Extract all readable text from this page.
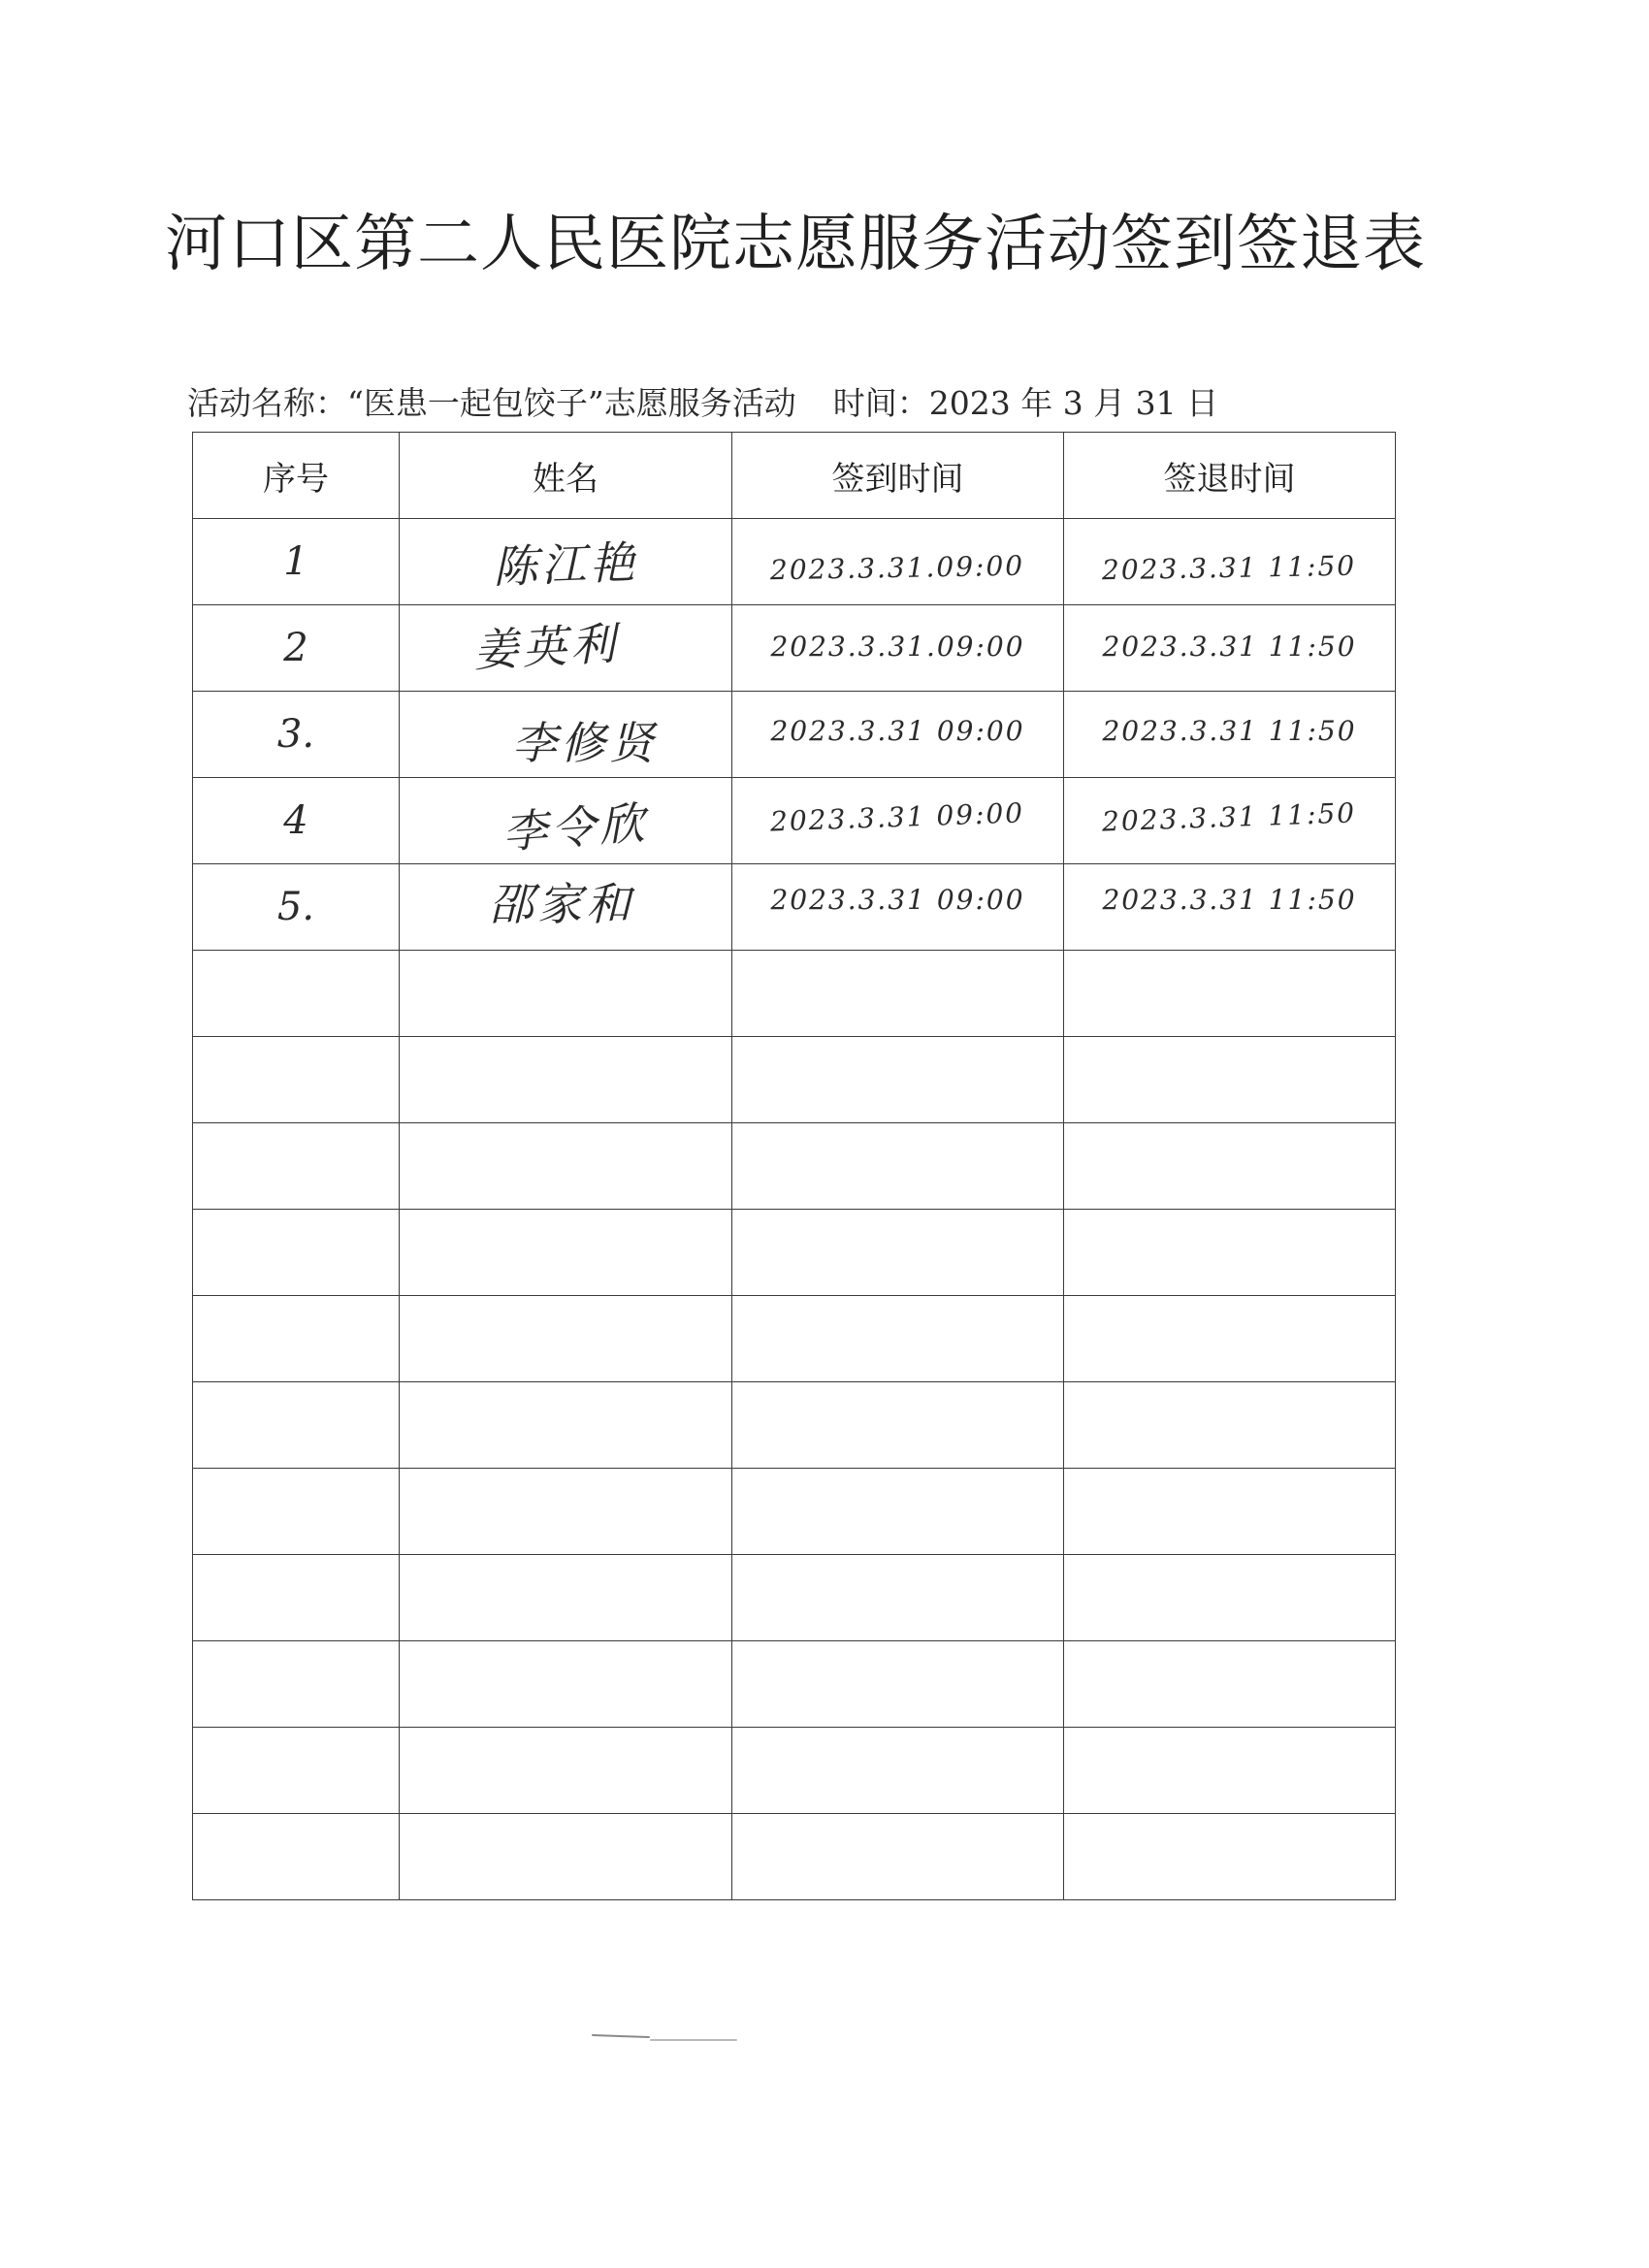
河口区第二人民医院志愿服务活动签到签退表
活动名称：“医患一起包饺子”志愿服务活动 时间：2023 年 3 月 31 日
序号	姓名	签到时间	签退时间
1	陈江艳	2023.3.31.09:00	2023.3.31 11:50
2	姜英利	2023.3.31.09:00	2023.3.31 11:50
3.	李修贤	2023.3.31 09:00	2023.3.31 11:50
4	李令欣	2023.3.31 09:00	2023.3.31 11:50
5.	邵家和	2023.3.31 09:00	2023.3.31 11:50
